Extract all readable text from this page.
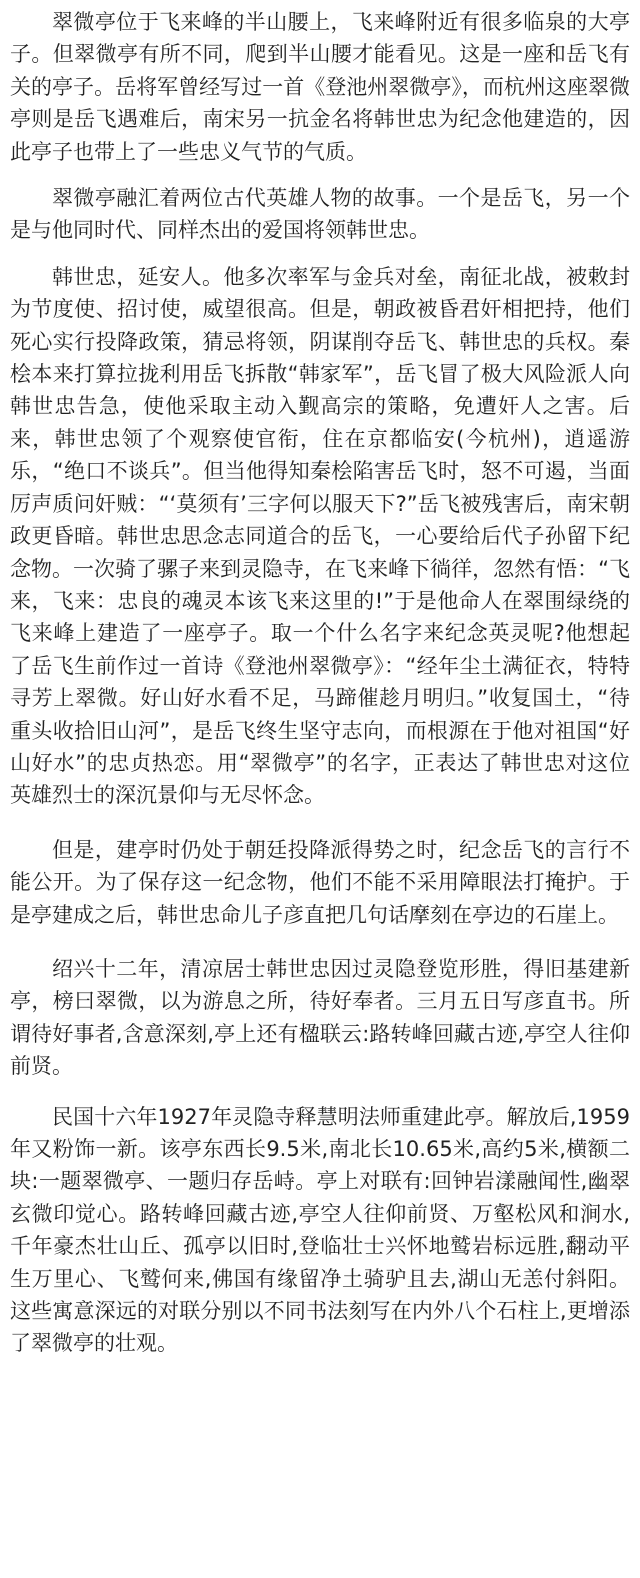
翠微亭位于飞来峰的半山腰上，飞来峰附近有很多临泉的大亭子。但翠微亭有所不同，爬到半山腰才能看见。这是一座和岳飞有关的亭子。岳将军曾经写过一首《登池州翠微亭》，而杭州这座翠微亭则是岳飞遇难后，南宋另一抗金名将韩世忠为纪念他建造的，因此亭子也带上了一些忠义气节的气质。

翠微亭融汇着两位古代英雄人物的故事。一个是岳飞，另一个是与他同时代、同样杰出的爱国将领韩世忠。

韩世忠，延安人。他多次率军与金兵对垒，南征北战，被敕封为节度使、招讨使，威望很高。但是，朝政被昏君奸相把持，他们死心实行投降政策，猜忌将领，阴谋削夺岳飞、韩世忠的兵权。秦桧本来打算拉拢利用岳飞拆散“韩家军”，岳飞冒了极大风险派人向韩世忠告急，使他采取主动入觐高宗的策略，免遭奸人之害。后来，韩世忠领了个观察使官衔，住在京都临安(今杭州)，逍遥游乐，“绝口不谈兵”。但当他得知秦桧陷害岳飞时，怒不可遏，当面厉声质问奸贼：“‘莫须有’三字何以服天下?”岳飞被残害后，南宋朝政更昏暗。韩世忠思念志同道合的岳飞，一心要给后代子孙留下纪念物。一次骑了骡子来到灵隐寺，在飞来峰下徜徉，忽然有悟：“飞来，飞来：忠良的魂灵本该飞来这里的!”于是他命人在翠围绿绕的飞来峰上建造了一座亭子。取一个什么名字来纪念英灵呢?他想起了岳飞生前作过一首诗《登池州翠微亭》：“经年尘土满征衣，特特寻芳上翠微。好山好水看不足，马蹄催趁月明归。”收复国土，“待重头收拾旧山河”，是岳飞终生坚守志向，而根源在于他对祖国“好山好水”的忠贞热恋。用“翠微亭”的名字，正表达了韩世忠对这位英雄烈士的深沉景仰与无尽怀念。

但是，建亭时仍处于朝廷投降派得势之时，纪念岳飞的言行不能公开。为了保存这一纪念物，他们不能不采用障眼法打掩护。于是亭建成之后，韩世忠命儿子彦直把几句话摩刻在亭边的石崖上。

绍兴十二年，清凉居士韩世忠因过灵隐登览形胜，得旧基建新亭，榜曰翠微，以为游息之所，待好奉者。三月五日写彦直书。所谓待好事者,含意深刻,亭上还有楹联云:路转峰回藏古迹,亭空人往仰前贤。

民国十六年1927年灵隐寺释慧明法师重建此亭。解放后,1959年又粉饰一新。该亭东西长9.5米,南北长10.65米,高约5米,横额二块:一题翠微亭、一题归存岳峙。亭上对联有:回钟岩漾融闻性,幽翠玄微印觉心。路转峰回藏古迹,亭空人往仰前贤、万壑松风和涧水,千年豪杰壮山丘、孤亭以旧时,登临壮士兴怀地鹫岩标远胜,翻动平生万里心、飞鹫何来,佛国有缘留净土骑驴且去,湖山无恙付斜阳。这些寓意深远的对联分别以不同书法刻写在内外八个石柱上,更增添了翠微亭的壮观。
